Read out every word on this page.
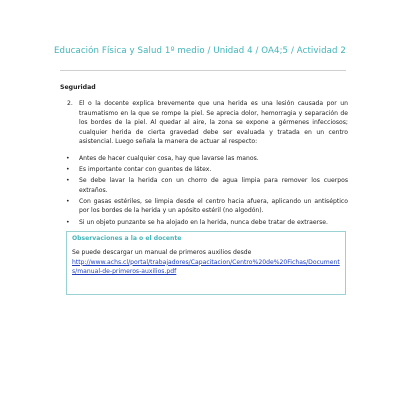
Educación Física y Salud 1º medio / Unidad 4 / OA4;5 / Actividad 2
Seguridad
2. El o la docente explica brevemente que una herida es una lesión causada por un traumatismo en la que se rompe la piel. Se aprecia dolor, hemorragia y separación de los bordes de la piel. Al quedar al aire, la zona se expone a gérmenes infecciosos; cualquier herida de cierta gravedad debe ser evaluada y tratada en un centro asistencial. Luego señala la manera de actuar al respecto:
• Antes de hacer cualquier cosa, hay que lavarse las manos.
• Es importante contar con guantes de látex.
• Se debe lavar la herida con un chorro de agua limpia para remover los cuerpos extraños.
• Con gasas estériles, se limpia desde el centro hacia afuera, aplicando un antiséptico por los bordes de la herida y un apósito estéril (no algodón).
• Si un objeto punzante se ha alojado en la herida, nunca debe tratar de extraerse.
Observaciones a la o el docente
Se puede descargar un manual de primeros auxilios desde
http://www.achs.cl/portal/trabajadores/Capacitacion/Centro%20de%20Fichas/Documents/manual-de-primeros-auxilios.pdf
